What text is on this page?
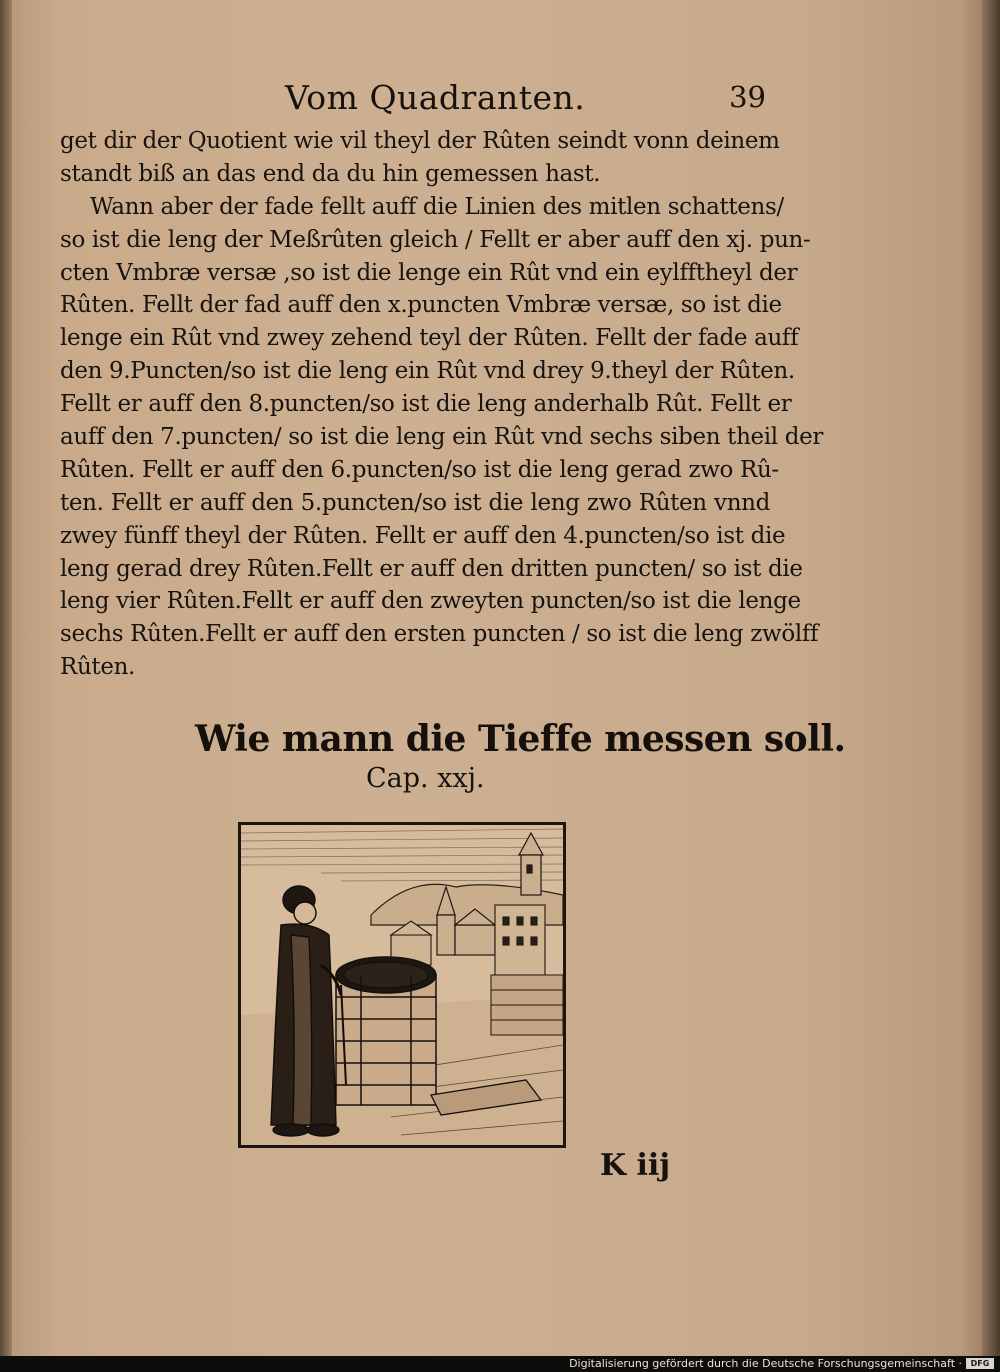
Vom Quadranten.	39
get dir der Quotient wie vil theyl der Rûten seindt vonn deinem
standt biß an das end da du hin gemessen hast.
Wann aber der fade fellt auff die Linien des mitlen schattens/
so ist die leng der Meßrûten gleich / Fellt er aber auff den xj. pun-
cten Vmbræ versæ ,so ist die lenge ein Rût vnd ein eylfftheyl der
Rûten. Fellt der fad auff den x.puncten Vmbræ versæ, so ist die
lenge ein Rût vnd zwey zehend teyl der Rûten. Fellt der fade auff
den 9.Puncten/so ist die leng ein Rût vnd drey 9.theyl der Rûten.
Fellt er auff den 8.puncten/so ist die leng anderhalb Rût. Fellt er
auff den 7.puncten/ so ist die leng ein Rût vnd sechs siben theil der
Rûten. Fellt er auff den 6.puncten/so ist die leng gerad zwo Rû-
ten. Fellt er auff den 5.puncten/so ist die leng zwo Rûten vnnd
zwey fünff theyl der Rûten. Fellt er auff den 4.puncten/so ist die
leng gerad drey Rûten.Fellt er auff den dritten puncten/ so ist die
leng vier Rûten.Fellt er auff den zweyten puncten/so ist die lenge
sechs Rûten.Fellt er auff den ersten puncten / so ist die leng zwölff
Rûten.
Wie mann die Tieffe messen soll.
Cap. xxj.
K iij
Digitalisierung gefördert durch die Deutsche Forschungsgemeinschaft ·	DFG
